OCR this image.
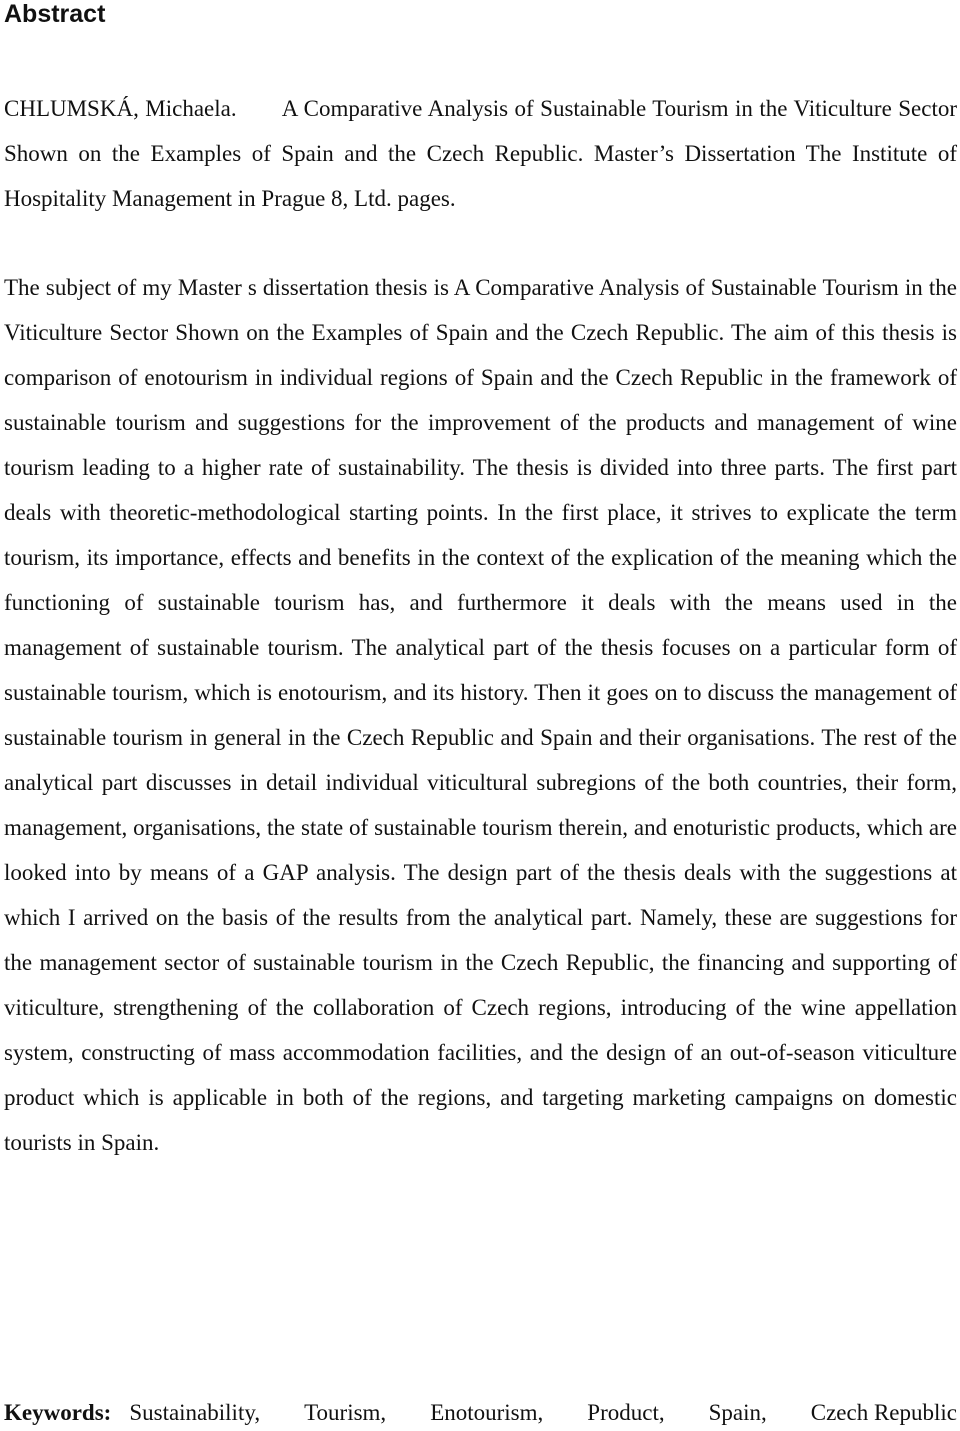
Abstract

CHLUMSKÁ, Michaela.       A Comparative Analysis of Sustainable Tourism in the Viticulture Sector Shown on the Examples of Spain and the Czech Republic. Master’s Dissertation The Institute of Hospitality Management in Prague 8, Ltd. pages.

The subject of my Master s dissertation thesis is A Comparative Analysis of Sustainable Tourism in the Viticulture Sector Shown on the Examples of Spain and the Czech Republic. The aim of this thesis is comparison of enotourism in individual regions of Spain and the Czech Republic in the framework of sustainable tourism and suggestions for the improvement of the products and management of wine tourism leading to a higher rate of sustainability. The thesis is divided into three parts. The first part deals with theoretic-methodological starting points. In the first place, it strives to explicate the term tourism, its importance, effects and benefits in the context of the explication of the meaning which the functioning of sustainable tourism has, and furthermore it deals with the means used in the management of sustainable tourism. The analytical part of the thesis focuses on a particular form of sustainable tourism, which is enotourism, and its history. Then it goes on to discuss the management of sustainable tourism in general in the Czech Republic and Spain and their organisations. The rest of the analytical part discusses in detail individual viticultural subregions of the both countries, their form, management, organisations, the state of sustainable tourism therein, and enoturistic products, which are looked into by means of a GAP analysis. The design part of the thesis deals with the suggestions at which I arrived on the basis of the results from the analytical part. Namely, these are suggestions for the management sector of sustainable tourism in the Czech Republic, the financing and supporting of viticulture, strengthening of the collaboration of Czech regions, introducing of the wine appellation system, constructing of mass accommodation facilities, and the design of an out-of-season viticulture product which is applicable in both of the regions, and targeting marketing campaigns on domestic tourists in Spain.

Keywords: Sustainability, Tourism, Enotourism, Product, Spain, Czech Republic
